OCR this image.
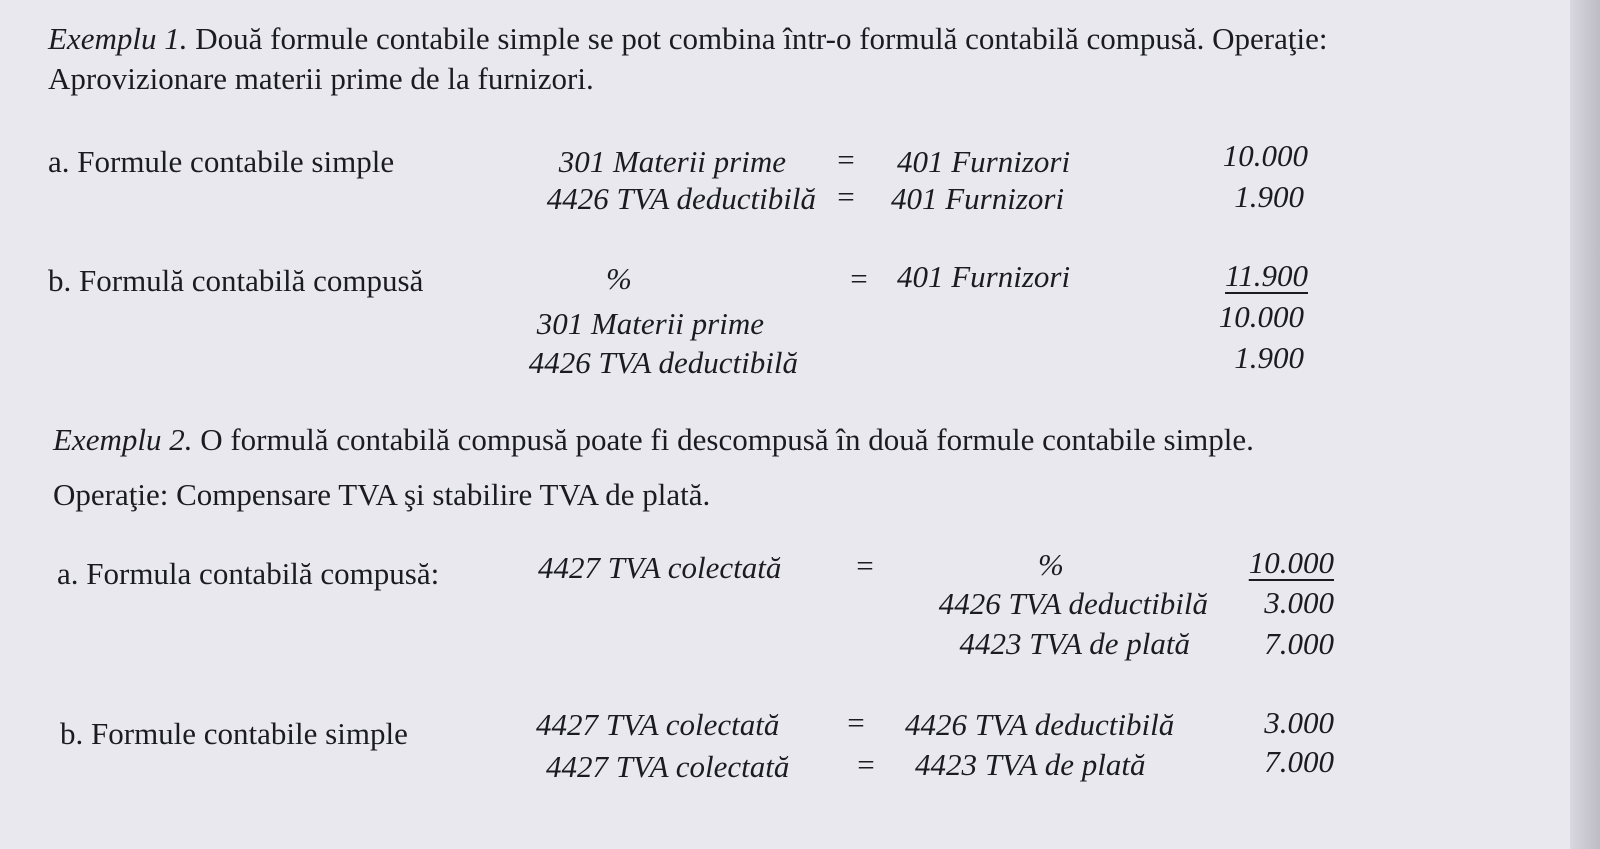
Exemplu 1. Două formule contabile simple se pot combina într-o formulă contabilă compusă. Operaţie:
Aprovizionare materii prime de la furnizori.
a. Formule contabile simple	301 Materii prime	=	401 Furnizori	10.000
4426 TVA deductibilă =	401 Furnizori	1.900
b. Formulă contabilă compusă	%	= 401 Furnizori	11.900
301 Materii prime	10.000
4426 TVA deductibilă	1.900
Exemplu 2. O formulă contabilă compusă poate fi descompusă în două formule contabile simple.
Operaţie: Compensare TVA şi stabilire TVA de plată.
a. Formula contabilă compusă:	4427 TVA colectată	=	%	10.000
4426 TVA deductibilă	3.000
4423 TVA de plată	7.000
b. Formule contabile simple	4427 TVA colectată	=	4426 TVA deductibilă	3.000
4427 TVA colectată	=	4423 TVA de plată	7.000
